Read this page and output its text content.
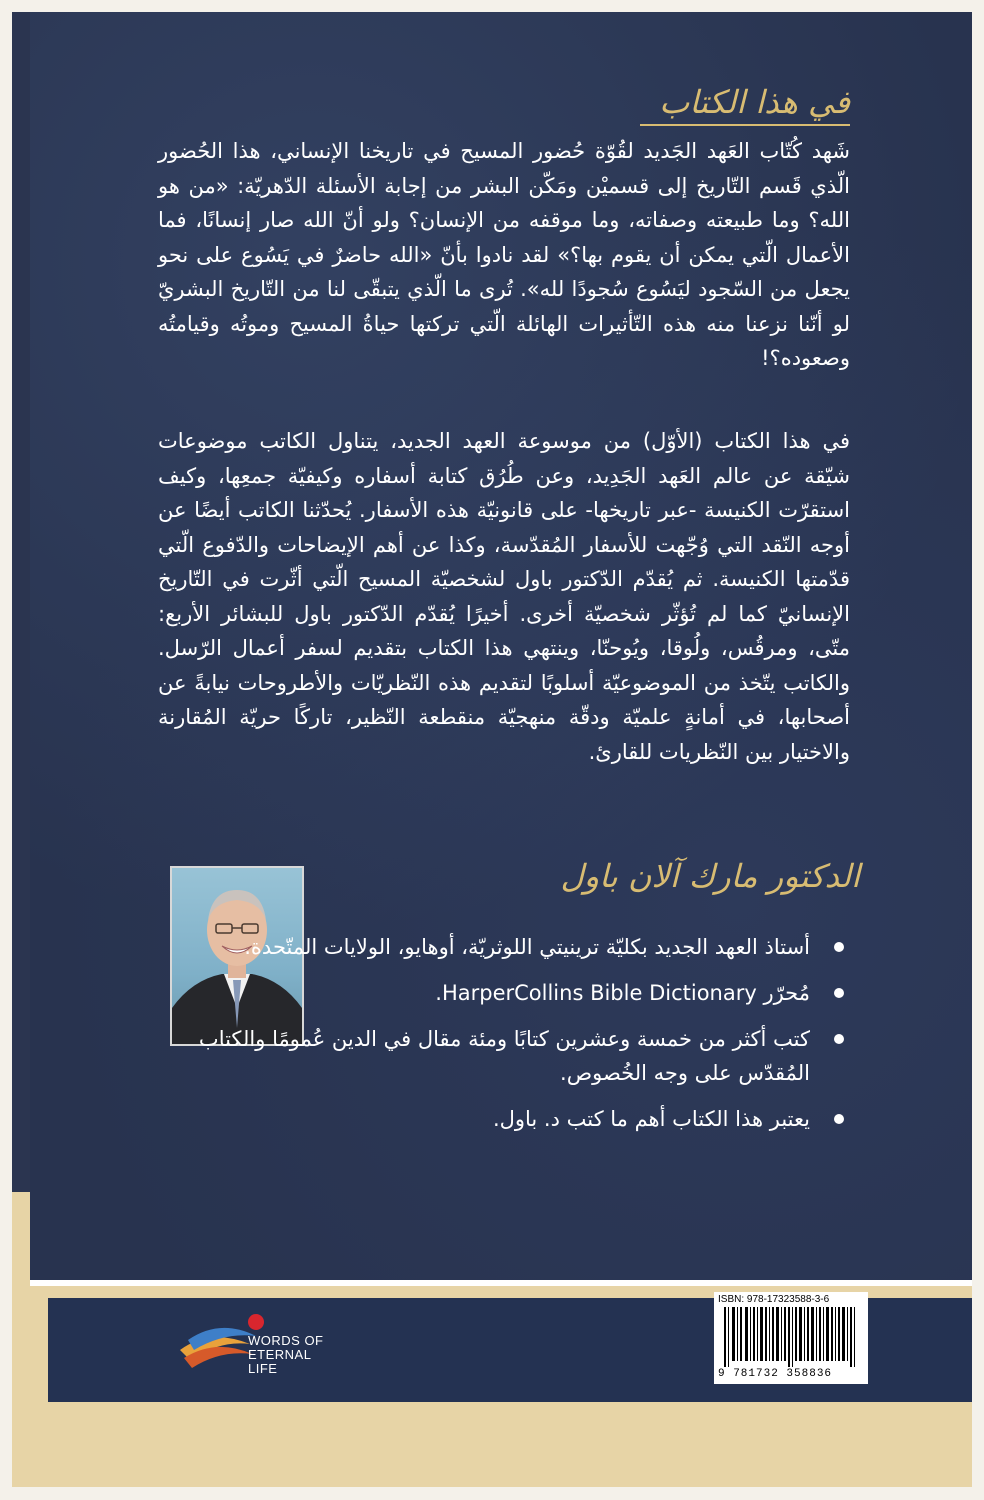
في هذا الكتاب
شَهد كُتّاب العَهد الجَديد لقُوّة حُضور المسيح في تاريخنا الإنساني، هذا الحُضور الّذي قَسم التّاريخ إلى قسميْن ومَكّن البشر من إجابة الأسئلة الدّهريّة: «من هو الله؟ وما طبيعته وصفاته، وما موقفه من الإنسان؟ ولو أنّ الله صار إنسانًا، فما الأعمال الّتي يمكن أن يقوم بها؟» لقد نادوا بأنّ «الله حاضرٌ في يَسُوع على نحو يجعل من السّجود ليَسُوع سُجودًا لله». تُرى ما الّذي يتبقّى لنا من التّاريخ البشريّ لو أنّنا نزعنا منه هذه التّأثيرات الهائلة الّتي تركتها حياةُ المسيح وموتُه وقيامتُه وصعوده؟!
في هذا الكتاب (الأوّل) من موسوعة العهد الجديد، يتناول الكاتب موضوعات شيّقة عن عالم العَهد الجَدِيد، وعن طُرُق كتابة أسفاره وكيفيّة جمعِها، وكيف استقرّت الكنيسة -عبر تاريخها- على قانونيّة هذه الأسفار. يُحدّثنا الكاتب أيضًا عن أوجه النّقد التي وُجّهت للأسفار المُقدّسة، وكذا عن أهم الإيضاحات والدّفوع الّتي قدّمتها الكنيسة. ثم يُقدّم الدّكتور باول لشخصيّة المسيح الّتي أثّرت في التّاريخ الإنسانيّ كما لم تُؤثّر شخصيّة أخرى. أخيرًا يُقدّم الدّكتور باول للبشائر الأربع: متّى، ومرقُس، ولُوقا، ويُوحنّا، وينتهي هذا الكتاب بتقديم لسفر أعمال الرّسل. والكاتب يتّخذ من الموضوعيّة أسلوبًا لتقديم هذه النّظريّات والأطروحات نيابةً عن أصحابها، في أمانةٍ علميّة ودقّة منهجيّة منقطعة النّظير، تاركًا حريّة المُقارنة والاختيار بين النّظريات للقارئ.
الدكتور مارك آلان باول
أستاذ العهد الجديد بكليّة ترينيتي اللوثريّة، أوهايو، الولايات المتّحدة.
مُحرّر HarperCollins Bible Dictionary.
كتب أكثر من خمسة وعشرين كتابًا ومئة مقال في الدين عُمومًا والكتاب المُقدّس على وجه الخُصوص.
يعتبر هذا الكتاب أهم ما كتب د. باول.
WORDS OF
ETERNAL
LIFE
ISBN: 978-17323588-3-6
9 781732 358836
